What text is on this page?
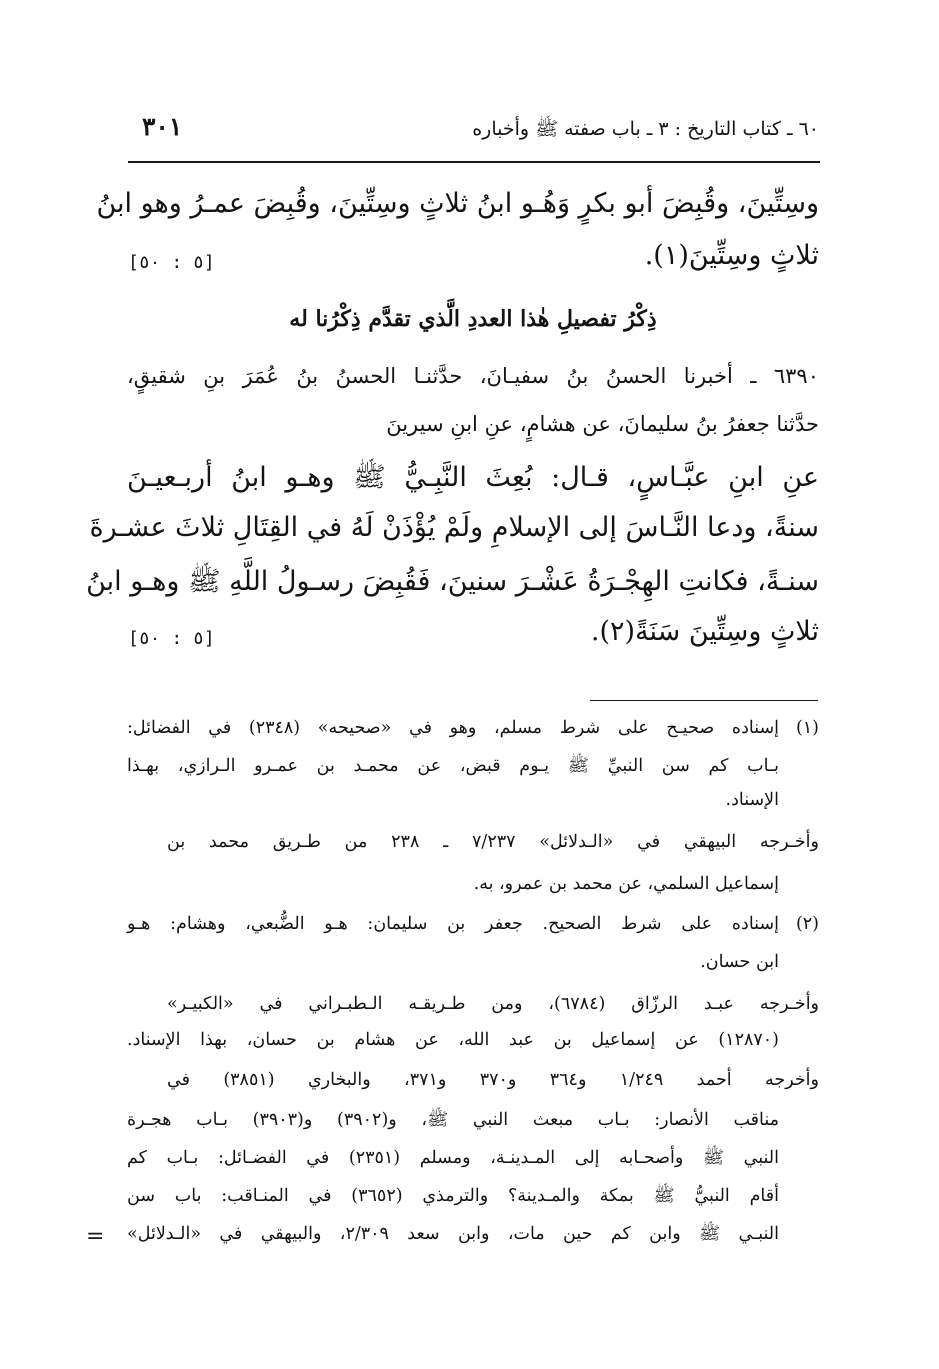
٦٠ ـ كتاب التاريخ : ٣ ـ باب صفته ﷺ وأخباره
٣٠١
وسِتِّينَ، وقُبِضَ أبو بكرٍ وَهُـو ابنُ ثلاثٍ وسِتِّينَ، وقُبِضَ عمـرُ وهو ابنُ
ثلاثٍ وسِتِّينَ(١).
[٥ : ٥٠]
ذِكْرُ تفصيلِ هٰذا العددِ الَّذي تقدَّم ذِكْرُنا له
٦٣٩٠ ـ أخبرنا الحسنُ بنُ سفيـانَ، حدَّثنـا الحسنُ بنُ عُمَرَ بنِ شقيقٍ،
حدَّثنا جعفرُ بنُ سليمانَ، عن هشامٍ، عنِ ابنِ سيرينَ
عنِ ابنِ عبَّـاسٍ، قـال: بُعِثَ النَّبِـيُّ ﷺ وهـو ابنُ أربـعيـنَ
سنةً، ودعا النَّـاسَ إلى الإسلامِ ولَمْ يُؤْذَنْ لَهُ في القِتَالِ ثلاثَ عشـرةَ
سنـةً، فكانتِ الهِجْـرَةُ عَشْـرَ سنينَ، فَقُبِضَ رسـولُ اللَّهِ ﷺ وهـو ابنُ
ثلاثٍ وسِتِّينَ سَنَةً(٢).
[٥ : ٥٠]
(١)
إسناده صحيـح على شرط مسلم، وهو في «صحيحه» (٢٣٤٨) في الفضائل:
بـاب كم سن النبيِّ ﷺ يـوم قبض، عن محمـد بن عمـرو الـرازي، بهـذا
الإسناد.
وأخـرجه البيهقي في «الـدلائل» ٧/٢٣٧ ـ ٢٣٨ من طـريق محمد بن
إسماعيل السلمي، عن محمد بن عمرو، به.
(٢)
إسناده على شرط الصحيح. جعفر بن سليمان: هـو الضُّبعي، وهشام: هـو
ابن حسان.
وأخـرجه عبـد الرزّاق (٦٧٨٤)، ومن طـريقـه الـطبـراني في «الكبيـر»
(١٢٨٧٠) عن إسماعيل بن عبد الله، عن هشام بن حسان، بهذا الإسناد.
وأخرجه أحمد ١/٢٤٩ و٣٦٤ و٣٧٠ و٣٧١، والبخاري (٣٨٥١) في
مناقب الأنصار: بـاب مبعث النبي ﷺ، و(٣٩٠٢) و(٣٩٠٣) بـاب هجـرة
النبي ﷺ وأصحـابه إلى المـدينـة، ومسلم (٢٣٥١) في الفضـائل: بـاب كم
أقام النبيُّ ﷺ بمكة والمـدينة؟ والترمذي (٣٦٥٢) في المنـاقب: باب سن
النبـي ﷺ وابن كم حين مات، وابن سعد ٢/٣٠٩، والبيهقي في «الـدلائل»
=
